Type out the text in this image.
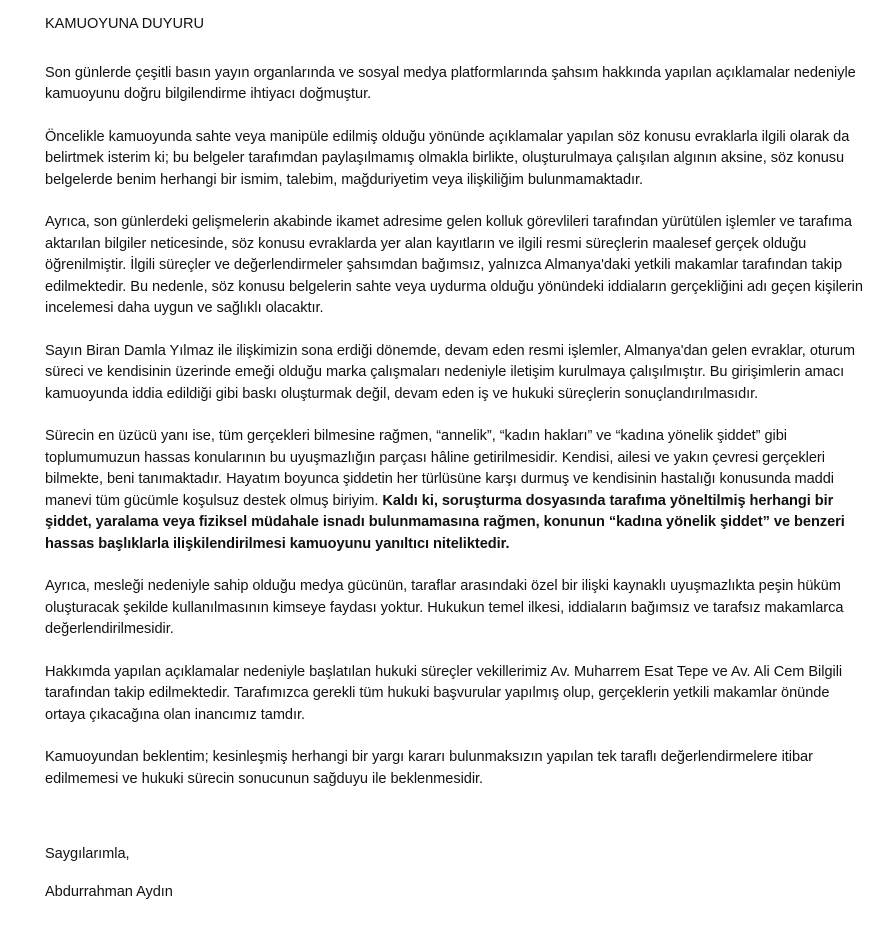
KAMUOYUNA DUYURU

Son günlerde çeşitli basın yayın organlarında ve sosyal medya platformlarında şahsım hakkında yapılan açıklamalar nedeniyle kamuoyunu doğru bilgilendirme ihtiyacı doğmuştur.

Öncelikle kamuoyunda sahte veya manipüle edilmiş olduğu yönünde açıklamalar yapılan söz konusu evraklarla ilgili olarak da belirtmek isterim ki; bu belgeler tarafımdan paylaşılmamış olmakla birlikte, oluşturulmaya çalışılan algının aksine, söz konusu belgelerde benim herhangi bir ismim, talebim, mağduriyetim veya ilişkiliğim bulunmamaktadır.

Ayrıca, son günlerdeki gelişmelerin akabinde ikamet adresime gelen kolluk görevlileri tarafından yürütülen işlemler ve tarafıma aktarılan bilgiler neticesinde, söz konusu evraklarda yer alan kayıtların ve ilgili resmi süreçlerin maalesef gerçek olduğu öğrenilmiştir. İlgili süreçler ve değerlendirmeler şahsımdan bağımsız, yalnızca Almanya'daki yetkili makamlar tarafından takip edilmektedir. Bu nedenle, söz konusu belgelerin sahte veya uydurma olduğu yönündeki iddiaların gerçekliğini adı geçen kişilerin incelemesi daha uygun ve sağlıklı olacaktır.

Sayın Biran Damla Yılmaz ile ilişkimizin sona erdiği dönemde, devam eden resmi işlemler, Almanya'dan gelen evraklar, oturum süreci ve kendisinin üzerinde emeği olduğu marka çalışmaları nedeniyle iletişim kurulmaya çalışılmıştır. Bu girişimlerin amacı kamuoyunda iddia edildiği gibi baskı oluşturmak değil, devam eden iş ve hukuki süreçlerin sonuçlandırılmasıdır.

Sürecin en üzücü yanı ise, tüm gerçekleri bilmesine rağmen, “annelik”, “kadın hakları” ve “kadına yönelik şiddet” gibi toplumumuzun hassas konularının bu uyuşmazlığın parçası hâline getirilmesidir. Kendisi, ailesi ve yakın çevresi gerçekleri bilmekte, beni tanımaktadır. Hayatım boyunca şiddetin her türlüsüne karşı durmuş ve kendisinin hastalığı konusunda maddi manevi tüm gücümle koşulsuz destek olmuş biriyim. Kaldı ki, soruşturma dosyasında tarafıma yöneltilmiş herhangi bir şiddet, yaralama veya fiziksel müdahale isnadı bulunmamasına rağmen, konunun “kadına yönelik şiddet” ve benzeri hassas başlıklarla ilişkilendirilmesi kamuoyunu yanıltıcı niteliktedir.

Ayrıca, mesleği nedeniyle sahip olduğu medya gücünün, taraflar arasındaki özel bir ilişki kaynaklı uyuşmazlıkta peşin hüküm oluşturacak şekilde kullanılmasının kimseye faydası yoktur. Hukukun temel ilkesi, iddiaların bağımsız ve tarafsız makamlarca değerlendirilmesidir.

Hakkımda yapılan açıklamalar nedeniyle başlatılan hukuki süreçler vekillerimiz Av. Muharrem Esat Tepe ve Av. Ali Cem Bilgili tarafından takip edilmektedir. Tarafımızca gerekli tüm hukuki başvurular yapılmış olup, gerçeklerin yetkili makamlar önünde ortaya çıkacağına olan inancımız tamdır.

Kamuoyundan beklentim; kesinleşmiş herhangi bir yargı kararı bulunmaksızın yapılan tek taraflı değerlendirmelere itibar edilmemesi ve hukuki sürecin sonucunun sağduyu ile beklenmesidir.

Saygılarımla,

Abdurrahman Aydın
